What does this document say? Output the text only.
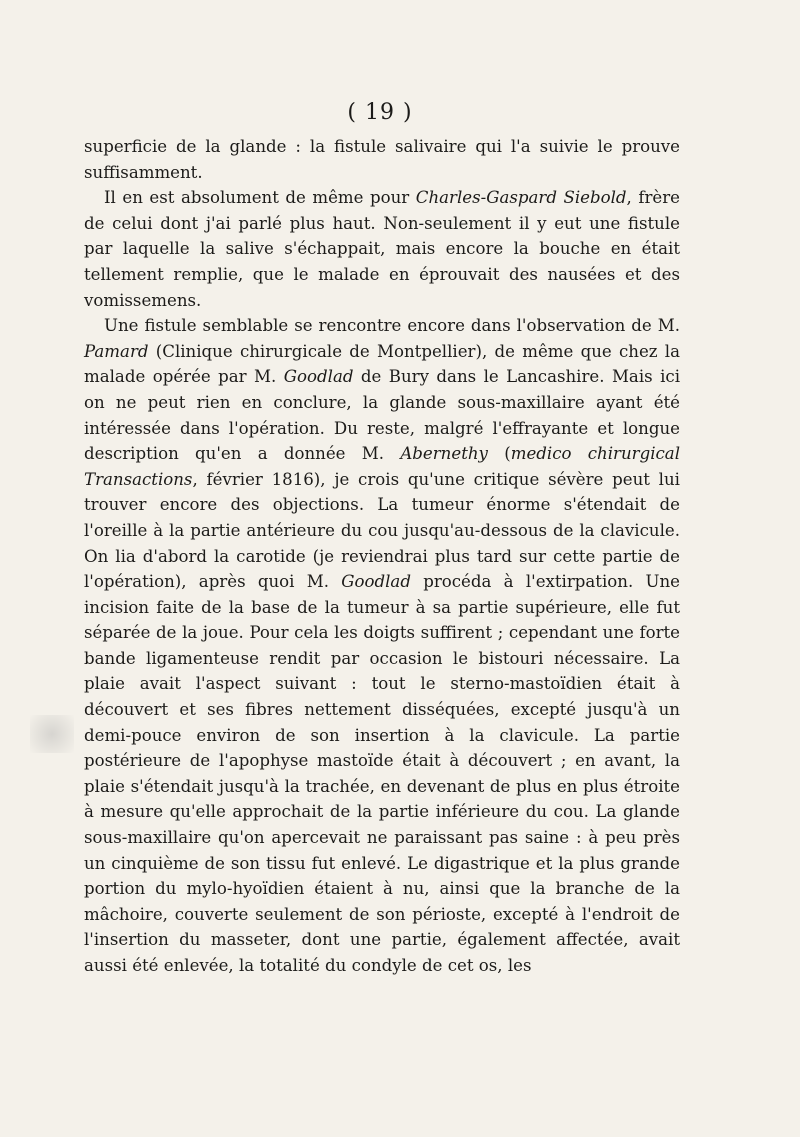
( 19 )

superficie de la glande : la fistule salivaire qui l'a suivie le prouve suffisamment.

Il en est absolument de même pour Charles-Gaspard Siebold, frère de celui dont j'ai parlé plus haut. Non-seulement il y eut une fistule par laquelle la salive s'échappait, mais encore la bouche en était tellement remplie, que le malade en éprouvait des nausées et des vomissemens.

Une fistule semblable se rencontre encore dans l'observation de M. Pamard (Clinique chirurgicale de Montpellier), de même que chez la malade opérée par M. Goodlad de Bury dans le Lancashire. Mais ici on ne peut rien en conclure, la glande sous-maxillaire ayant été intéressée dans l'opération. Du reste, malgré l'effrayante et longue description qu'en a donnée M. Abernethy (medico chirurgical Transactions, février 1816), je crois qu'une critique sévère peut lui trouver encore des objections. La tumeur énorme s'étendait de l'oreille à la partie antérieure du cou jusqu'au-dessous de la clavicule. On lia d'abord la carotide (je reviendrai plus tard sur cette partie de l'opération), après quoi M. Goodlad procéda à l'extirpation. Une incision faite de la base de la tumeur à sa partie supérieure, elle fut séparée de la joue. Pour cela les doigts suffirent ; cependant une forte bande ligamenteuse rendit par occasion le bistouri nécessaire. La plaie avait l'aspect suivant : tout le sterno-mastoïdien était à découvert et ses fibres nettement disséquées, excepté jusqu'à un demi-pouce environ de son insertion à la clavicule. La partie postérieure de l'apophyse mastoïde était à découvert ; en avant, la plaie s'étendait jusqu'à la trachée, en devenant de plus en plus étroite à mesure qu'elle approchait de la partie inférieure du cou. La glande sous-maxillaire qu'on apercevait ne paraissant pas saine : à peu près un cinquième de son tissu fut enlevé. Le digastrique et la plus grande portion du mylo-hyoïdien étaient à nu, ainsi que la branche de la mâchoire, couverte seulement de son périoste, excepté à l'endroit de l'insertion du masseter, dont une partie, également affectée, avait aussi été enlevée, la totalité du condyle de cet os, les
